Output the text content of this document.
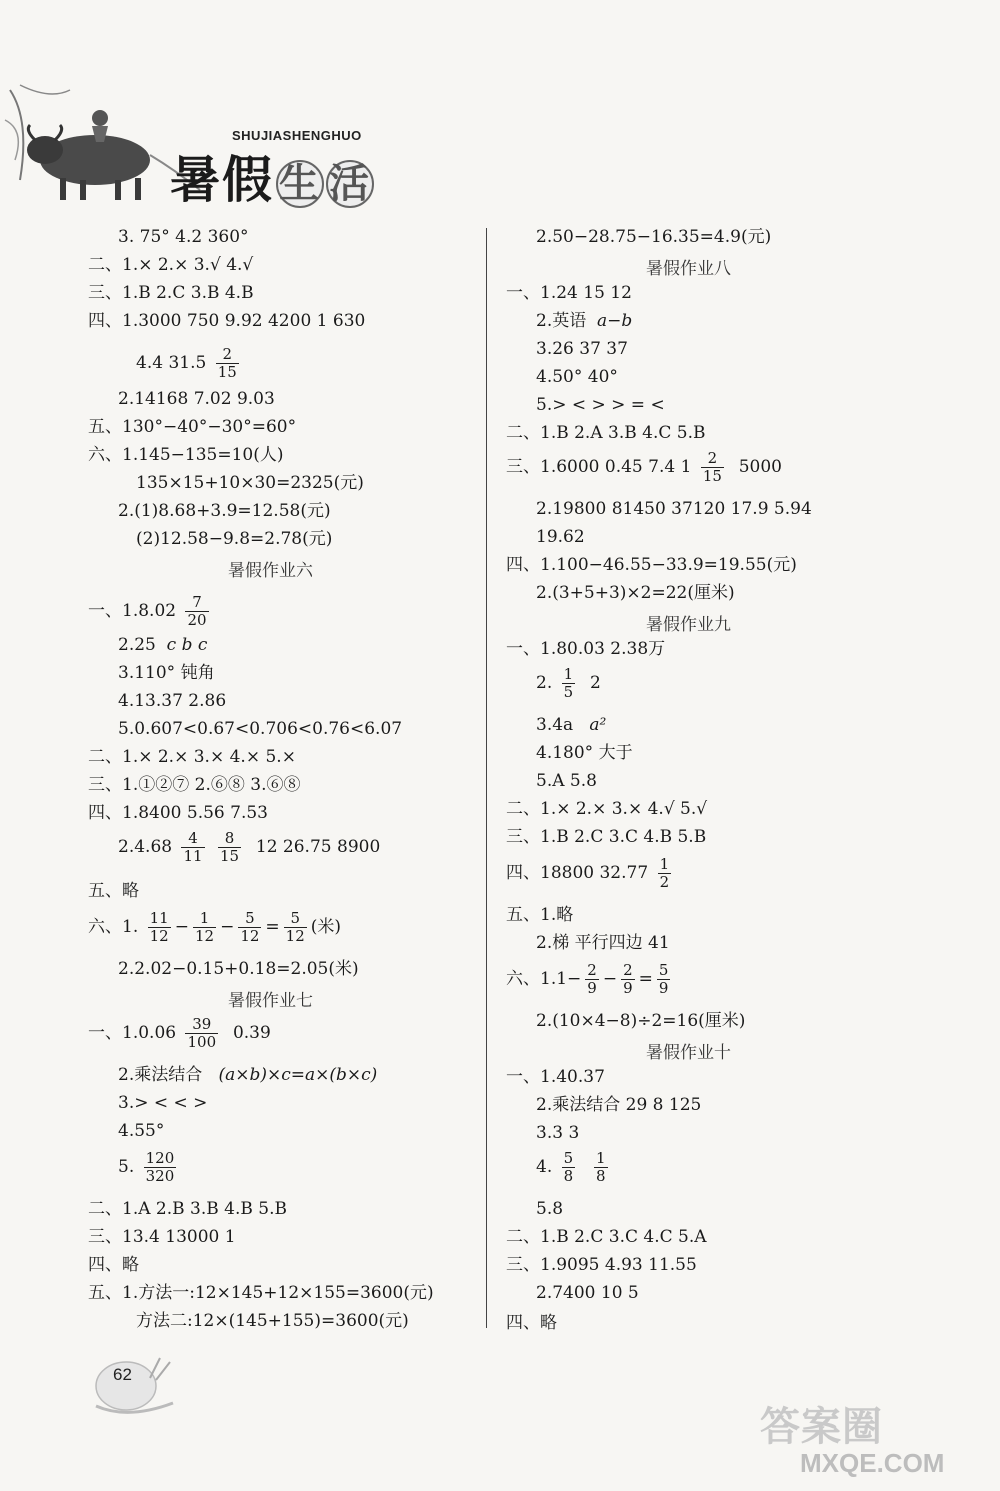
SHUJIASHENGHUO
暑假 生 活
3. 75° 4.2 360°
二、1.× 2.× 3.√ 4.√
三、1.B 2.C 3.B 4.B
四、1.3000 750 9.92 4200 1 630
4.4 $31.5 \frac{2}{15}$
2.14168 7.02 9.03
五、130°−40°−30°=60°
六、1.145−135=10(人)
135×15+10×30=2325(元)
2.(1)8.68+3.9=12.58(元)
(2)12.58−9.8=2.78(元)
暑假作业六
一、$1.8.02 \frac{7}{20}$
2.25 c b c
3.110° 钝角
4.13.37 2.86
5.0.607<0.67<0.706<0.76<6.07
二、1.× 2.× 3.× 4.× 5.×
三、1.①②⑦ 2.⑥⑧ 3.⑥⑧
四、1.8400 5.56 7.53
$2.4.68 \frac{4}{11}$
$\frac{8}{15} 12$ 26.75 8900
五、略
六、1. $\frac{11}{12} - \frac{1}{12} - \frac{5}{12} = \frac{5}{12}$ (米)
2.2.02−0.15+0.18=2.05(米)
暑假作业七
一、$1.0.06 \frac{39}{100} 0.39$
2.乘法结合 (a×b)×c=a×(b×c)
3.> < < >
4.55°
5. $\frac{120}{320}$
二、1.A 2.B 3.B 4.B 5.B
三、13.4 13000 1
四、略
五、1.方法一:12×145+12×155=3600(元)
方法二:12×(145+155)=3600(元)
2.50−28.75−16.35=4.9(元)
暑假作业八
一、1.24 15 12
2.英语 a−b
3.26 37 37
4.50° 40°
5.> < > > = <
二、1.B 2.A 3.B 4.C 5.B
三、1.6000 0.45 7.4 $1 \frac{2}{15} 5000$
2.19800 81450 37120 17.9 5.94
19.62
四、1.100−46.55−33.9=19.55(元)
2.(3+5+3)×2=22(厘米)
暑假作业九
一、1.80.03 2.38万
2. $\frac{1}{5} 2$
3.4a a²
4.180° 大于
5.A 5.8
二、1.× 2.× 3.× 4.√ 5.√
三、1.B 2.C 3.C 4.B 5.B
四、18800 $32.77 \frac{1}{2}$
五、1.略
2.梯 平行四边 41
六、$1.1- \frac{2}{9} - \frac{2}{9} = \frac{5}{9}$
2.(10×4−8)÷2=16(厘米)
暑假作业十
一、1.40.37
2.乘法结合 29 8 125
3.3 3
4. $\frac{5}{8}$
$\frac{1}{8}$
5.8
二、1.B 2.C 3.C 4.C 5.A
三、1.9095 4.93 11.55
2.7400 10 5
四、略
62
答案圈
MXQE.COM
